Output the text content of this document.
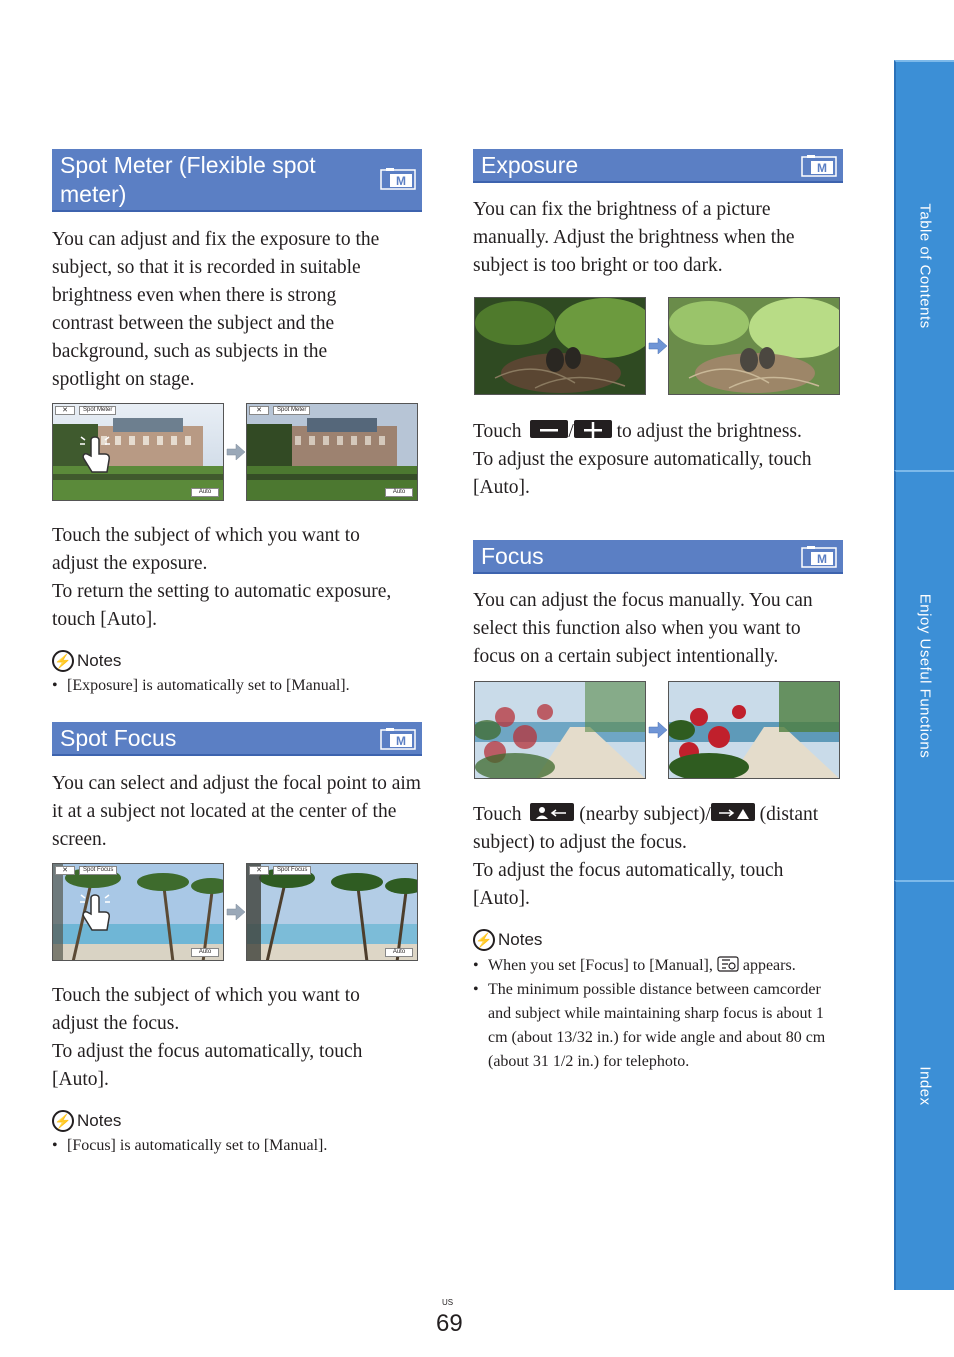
Spot Meter (Flexible spot meter)	M
You can adjust and fix the exposure to the subject, so that it is recorded in suitable brightness even when there is strong contrast between the subject and the background, such as subjects in the spotlight on stage.
✕	Spot Meter
Auto
✕	Spot Meter
Auto
Touch the subject of which you want to adjust the exposure.
To return the setting to automatic exposure, touch [Auto].
⚡ Notes
• [Exposure] is automatically set to [Manual].
Spot Focus	M
You can select and adjust the focal point to aim it at a subject not located at the center of the screen.
✕	Spot Focus
Auto
✕	Spot Focus
Auto
Touch the subject of which you want to adjust the focus.
To adjust the focus automatically, touch [Auto].
⚡ Notes
• [Focus] is automatically set to [Manual].
Exposure	M
You can fix the brightness of a picture manually. Adjust the brightness when the subject is too bright or too dark.
Touch / to adjust the brightness.
To adjust the exposure automatically, touch [Auto].
Focus	M
You can adjust the focus manually. You can select this function also when you want to focus on a certain subject intentionally.
Touch	(nearby subject)/	(distant subject) to adjust the focus.
To adjust the focus automatically, touch [Auto].
⚡ Notes
• When you set [Focus] to [Manual], appears.
• The minimum possible distance between camcorder and subject while maintaining sharp focus is about 1 cm (about 13/32 in.) for wide angle and about 80 cm (about 31 1/2 in.) for telephoto.
Table of Contents
Enjoy Useful Functions
Index
US
69
